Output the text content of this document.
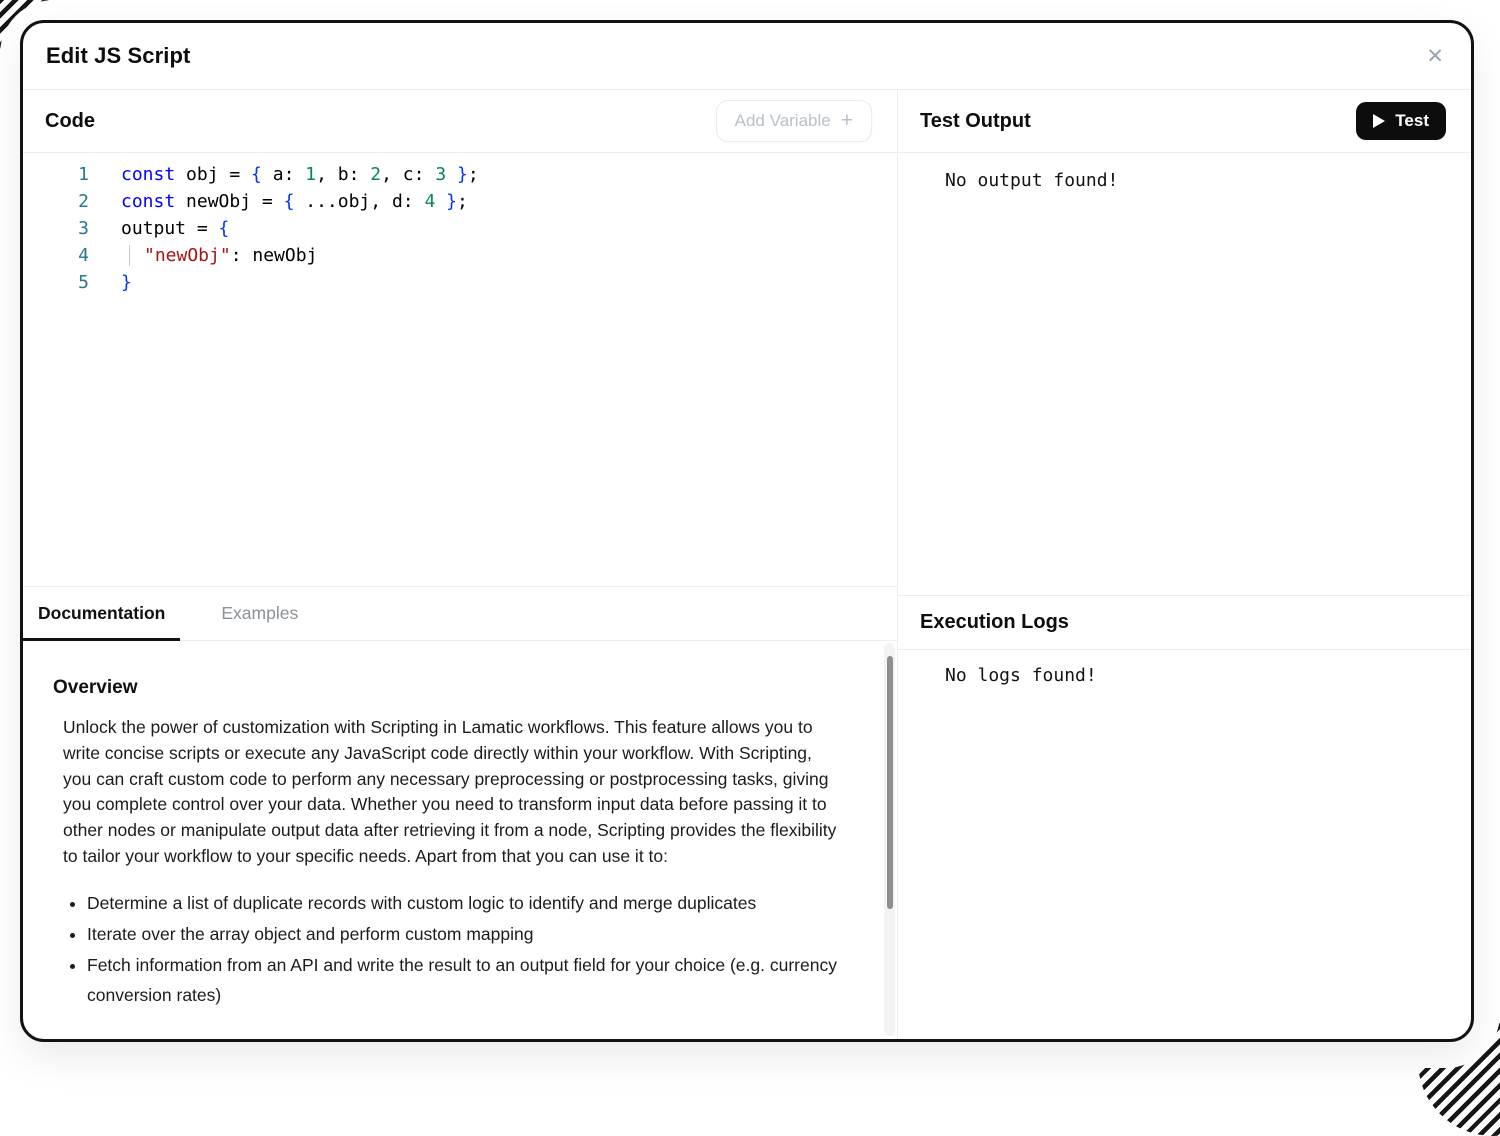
Edit JS Script	✕
Code	Add Variable +
1	const obj = { a: 1, b: 2, c: 3 };
2	const newObj = { ...obj, d: 4 };
3	output = {
4	"newObj": newObj
5	}
Documentation	Examples
Overview

Unlock the power of customization with Scripting in Lamatic workflows. This feature allows you to write concise scripts or execute any JavaScript code directly within your workflow. With Scripting, you can craft custom code to perform any necessary preprocessing or postprocessing tasks, giving you complete control over your data. Whether you need to transform input data before passing it to other nodes or manipulate output data after retrieving it from a node, Scripting provides the flexibility to tailor your workflow to your specific needs. Apart from that you can use it to:

• Determine a list of duplicate records with custom logic to identify and merge duplicates
• Iterate over the array object and perform custom mapping
• Fetch information from an API and write the result to an output field for your choice (e.g. currency conversion rates)
Test Output	Test
No output found!
Execution Logs
No logs found!
